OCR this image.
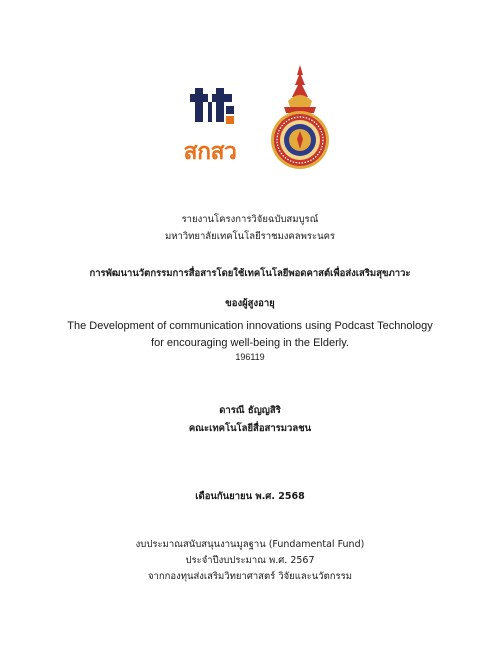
สกสว
รายงานโครงการวิจัยฉบับสมบูรณ์
มหาวิทยาลัยเทคโนโลยีราชมงคลพระนคร
การพัฒนานวัตกรรมการสื่อสารโดยใช้เทคโนโลยีพอดคาสต์เพื่อส่งเสริมสุขภาวะ
ของผู้สูงอายุ
The Development of communication innovations using Podcast Technology
for encouraging well-being in the Elderly.
196119
ดารณี ธัญญสิริ
คณะเทคโนโลยีสื่อสารมวลชน
เดือนกันยายน พ.ศ. 2568
งบประมาณสนับสนุนงานมูลฐาน (Fundamental Fund)
ประจำปีงบประมาณ พ.ศ. 2567
จากกองทุนส่งเสริมวิทยาศาสตร์ วิจัยและนวัตกรรม
